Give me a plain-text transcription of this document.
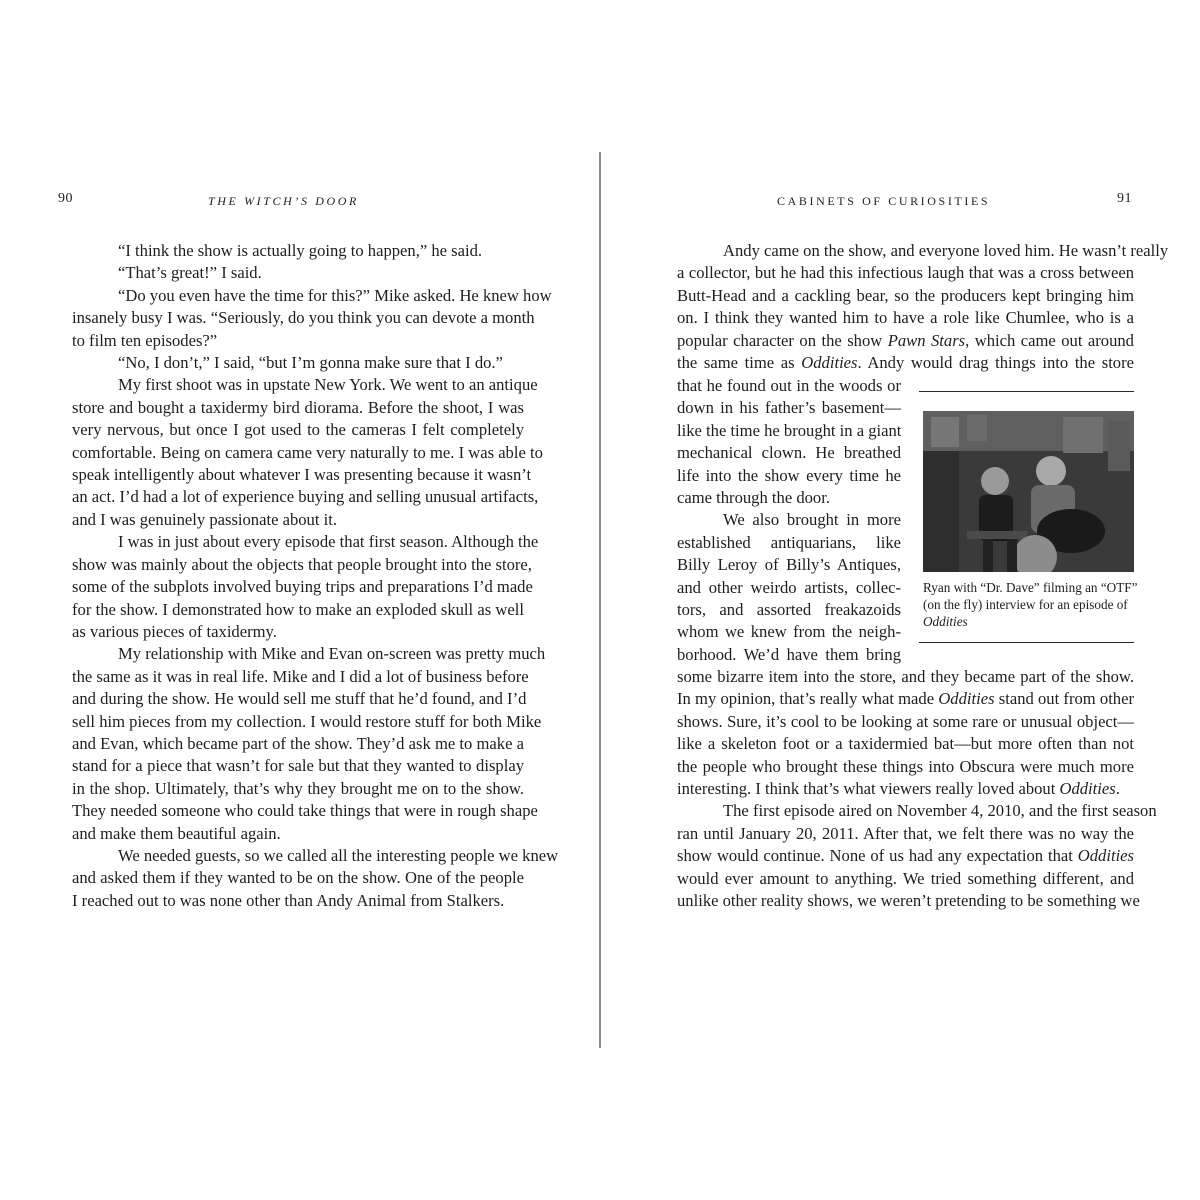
90	THE WITCH’S DOOR	CABINETS OF CURIOSITIES	91
“I think the show is actually going to happen,” he said.
“That’s great!” I said.
“Do you even have the time for this?” Mike asked. He knew how
insanely busy I was. “Seriously, do you think you can devote a month
to film ten episodes?”
“No, I don’t,” I said, “but I’m gonna make sure that I do.”
My first shoot was in upstate New York. We went to an antique
store and bought a taxidermy bird diorama. Before the shoot, I was
very nervous, but once I got used to the cameras I felt completely
comfortable. Being on camera came very naturally to me. I was able to
speak intelligently about whatever I was presenting because it wasn’t
an act. I’d had a lot of experience buying and selling unusual artifacts,
and I was genuinely passionate about it.
I was in just about every episode that first season. Although the
show was mainly about the objects that people brought into the store,
some of the subplots involved buying trips and preparations I’d made
for the show. I demonstrated how to make an exploded skull as well
as various pieces of taxidermy.
My relationship with Mike and Evan on-screen was pretty much
the same as it was in real life. Mike and I did a lot of business before
and during the show. He would sell me stuff that he’d found, and I’d
sell him pieces from my collection. I would restore stuff for both Mike
and Evan, which became part of the show. They’d ask me to make a
stand for a piece that wasn’t for sale but that they wanted to display
in the shop. Ultimately, that’s why they brought me on to the show.
They needed someone who could take things that were in rough shape
and make them beautiful again.
We needed guests, so we called all the interesting people we knew
and asked them if they wanted to be on the show. One of the people
I reached out to was none other than Andy Animal from Stalkers.
Andy came on the show, and everyone loved him. He wasn’t really
a collector, but he had this infectious laugh that was a cross between
Butt-Head and a cackling bear, so the producers kept bringing him
on. I think they wanted him to have a role like Chumlee, who is a
popular character on the show Pawn Stars, which came out around
the same time as Oddities. Andy would drag things into the store
that he found out in the woods or
down in his father’s basement—
like the time he brought in a giant
mechanical clown. He breathed
life into the show every time he
came through the door.
We also brought in more
established antiquarians, like
Billy Leroy of Billy’s Antiques,
and other weirdo artists, collec-
tors, and assorted freakazoids
whom we knew from the neigh-
borhood. We’d have them bring
some bizarre item into the store, and they became part of the show.
In my opinion, that’s really what made Oddities stand out from other
shows. Sure, it’s cool to be looking at some rare or unusual object—
like a skeleton foot or a taxidermied bat—but more often than not
the people who brought these things into Obscura were much more
interesting. I think that’s what viewers really loved about Oddities.
The first episode aired on November 4, 2010, and the first season
ran until January 20, 2011. After that, we felt there was no way the
show would continue. None of us had any expectation that Oddities
would ever amount to anything. We tried something different, and
unlike other reality shows, we weren’t pretending to be something we
Ryan with “Dr. Dave” filming an “OTF”
(on the fly) interview for an episode of
Oddities
